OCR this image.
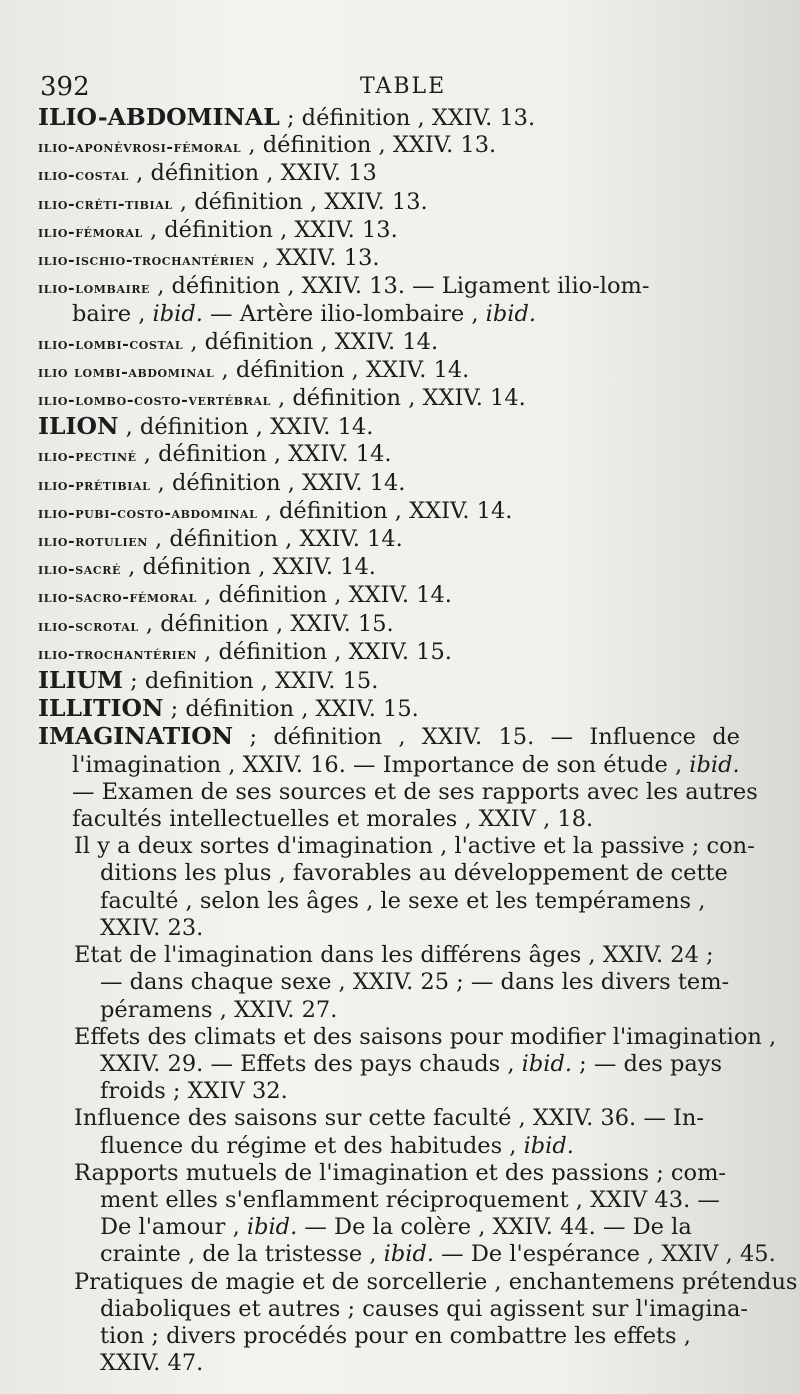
392	TABLE
ILIO-ABDOMINAL ; définition , XXIV. 13.
ilio-aponévrosi-fémoral , définition , XXIV. 13.
ilio-costal , définition , XXIV. 13
ilio-créti-tibial , définition , XXIV. 13.
ilio-fémoral , définition , XXIV. 13.
ilio-ischio-trochantérien , XXIV. 13.
ilio-lombaire , définition , XXIV. 13. — Ligament ilio-lom-
baire , ibid. — Artère ilio-lombaire , ibid.
ilio-lombi-costal , définition , XXIV. 14.
ilio lombi-abdominal , définition , XXIV. 14.
ilio-lombo-costo-vertébral , définition , XXIV. 14.
ILION , définition , XXIV. 14.
ilio-pectiné , définition , XXIV. 14.
ilio-prétibial , définition , XXIV. 14.
ilio-pubi-costo-abdominal , définition , XXIV. 14.
ilio-rotulien , définition , XXIV. 14.
ilio-sacré , définition , XXIV. 14.
ilio-sacro-fémoral , définition , XXIV. 14.
ilio-scrotal , définition , XXIV. 15.
ilio-trochantérien , définition , XXIV. 15.
ILIUM ; definition , XXIV. 15.
ILLITION ; définition , XXIV. 15.
IMAGINATION ; définition , XXIV. 15. — Influence de
l'imagination , XXIV. 16. — Importance de son étude , ibid.
— Examen de ses sources et de ses rapports avec les autres
facultés intellectuelles et morales , XXIV , 18.
Il y a deux sortes d'imagination , l'active et la passive ; con-
ditions les plus , favorables au développement de cette
faculté , selon les âges , le sexe et les tempéramens ,
XXIV. 23.
Etat de l'imagination dans les différens âges , XXIV. 24 ;
— dans chaque sexe , XXIV. 25 ; — dans les divers tem-
péramens , XXIV. 27.
Effets des climats et des saisons pour modifier l'imagination ,
XXIV. 29. — Effets des pays chauds , ibid. ; — des pays
froids ; XXIV 32.
Influence des saisons sur cette faculté , XXIV. 36. — In-
fluence du régime et des habitudes , ibid.
Rapports mutuels de l'imagination et des passions ; com-
ment elles s'enflamment réciproquement , XXIV 43. —
De l'amour , ibid. — De la colère , XXIV. 44. — De la
crainte , de la tristesse , ibid. — De l'espérance , XXIV , 45.
Pratiques de magie et de sorcellerie , enchantemens prétendus
diaboliques et autres ; causes qui agissent sur l'imagina-
tion ; divers procédés pour en combattre les effets ,
XXIV. 47.
